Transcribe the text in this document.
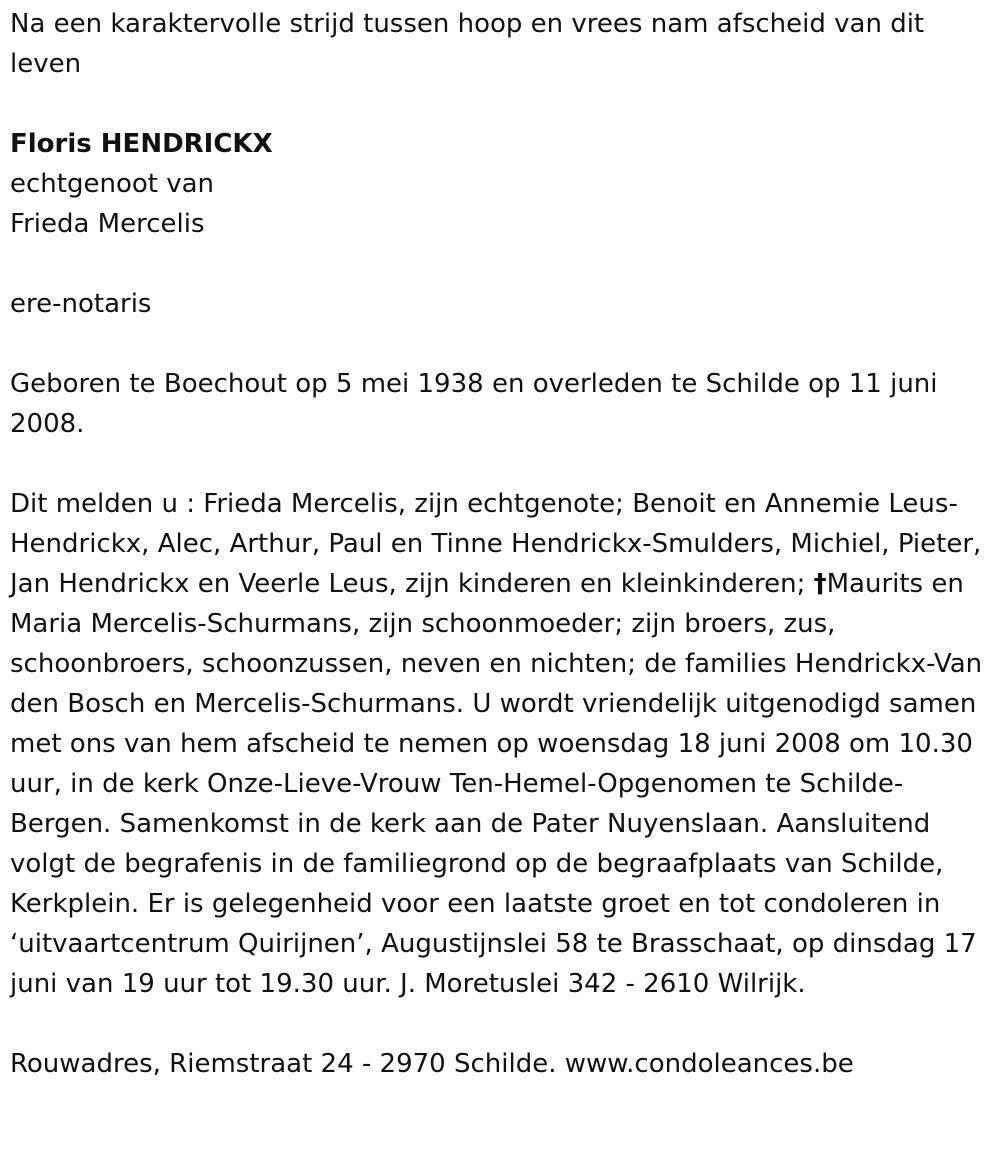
Na een karaktervolle strijd tussen hoop en vrees nam afscheid van dit leven

Floris HENDRICKX

echtgenoot van

Frieda Mercelis

ere-notaris

Geboren te Boechout op 5 mei 1938 en overleden te Schilde op 11 juni 2008.

Dit melden u : Frieda Mercelis, zijn echtgenote; Benoit en Annemie Leus-Hendrickx, Alec, Arthur, Paul en Tinne Hendrickx-Smulders, Michiel, Pieter, Jan Hendrickx en Veerle Leus, zijn kinderen en kleinkinderen; †Maurits en Maria Mercelis-Schurmans, zijn schoonmoeder; zijn broers, zus, schoonbroers, schoonzussen, neven en nichten; de families Hendrickx-Van den Bosch en Mercelis-Schurmans. U wordt vriendelijk uitgenodigd samen met ons van hem afscheid te nemen op woensdag 18 juni 2008 om 10.30 uur, in de kerk Onze-Lieve-Vrouw Ten-Hemel-Opgenomen te Schilde-Bergen. Samenkomst in de kerk aan de Pater Nuyenslaan. Aansluitend volgt de begrafenis in de familiegrond op de begraafplaats van Schilde, Kerkplein. Er is gelegenheid voor een laatste groet en tot condoleren in ‘uitvaartcentrum Quirijnen’, Augustijnslei 58 te Brasschaat, op dinsdag 17 juni van 19 uur tot 19.30 uur. J. Moretuslei 342 - 2610 Wilrijk.

Rouwadres, Riemstraat 24 - 2970 Schilde. www.condoleances.be
